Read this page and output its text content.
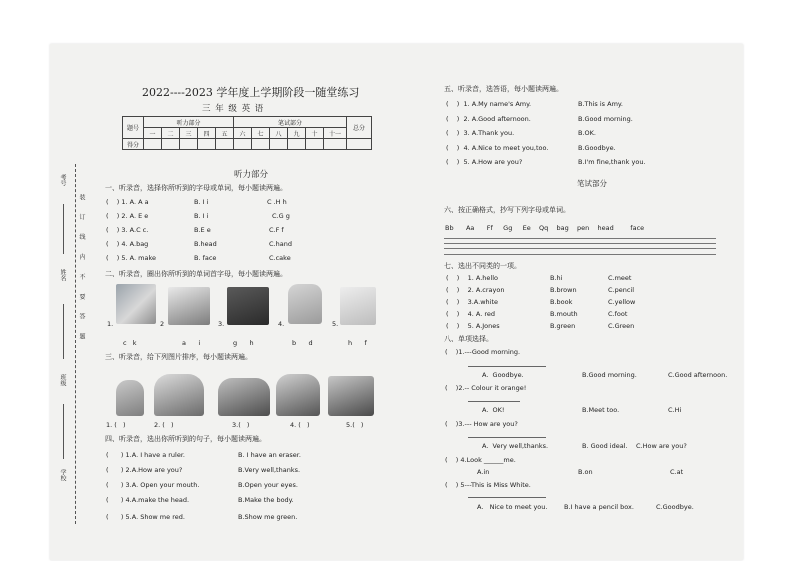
考号
姓名
班级
学校
装 订 线 内 不 要 答 题
2022----2023 学年度上学期阶段一随堂练习
三 年 级 英 语
题号	听力部分					笔试部分						总分
	一	二	三	四	五	六	七	八	九	十	十一	
得分												
听力部分
一、听录音，选择你所听到的字母或单词，每小题读两遍。
(    ) 1. A. A a	B. I i	C .H h
(    ) 2. A. E e	B. I i	C.G g
(    ) 3. A.C c.	B.E e	C.F f
(    ) 4. A.bag	B.head	C.hand
(    ) 5. A. make	B. face	C.cake
二、听录音，圈出你所听到的单词首字母，每小题读两遍。
1.	2	3.	4.	5.
c   k	a      i	g      h	b      d	h      f
三、听录音，给下列图片排序，每小题读两遍。
1. (   )	2. (   )	3.(   )	4. (   )	5.(   )
四、听录音，选出你所听到的句子，每小题读两遍。
(      ) 1.A. I have a ruler.	B. I have an eraser.
(      ) 2.A.How are you?	B.Very well,thanks.
(      ) 3.A. Open your mouth.	B.Open your eyes.
(      ) 4.A.make the head.	B.Make the body.
(      ) 5.A. Show me red.	B.Show me green.
五、听录音，选答语，每小题读两遍。
(    )  1. A.My name's Amy.	B.This is Amy.
(    )  2. A.Good afternoon.	B.Good morning.
(    )  3. A.Thank you.	B.OK.
(    )  4. A.Nice to meet you,too.	B.Goodbye.
(    )  5. A.How are you?	B.I'm fine,thank you.
笔试部分
六、按正确格式，抄写下列字母或单词。
Bb      Aa      Ff     Gg     Ee    Qq    bag    pen    head        face
七、选出不同类的一项。
(    )    1. A.hello	B.hi	C.meet
(    )    2. A.crayon	B.brown	C.pencil
(    )    3.A.white	B.book	C.yellow
(    )    4. A. red	B.mouth	C.foot
(    )    5. A.Jones	B.green	C.Green
八、单项选择。
(    )1.---Good morning.
A.  Goodbye.	B.Good morning.	C.Good afternoon.
(    )2.-- Colour it orange!
A.  OK!	B.Meet too.	C.Hi
(    )3.--- How are you?
A.  Very well,thanks.	B. Good ideal. C.How are you?
(    ) 4.Look ______me.
A.in	B.on	C.at
(    ) 5---This is Miss White.
A.   Nice to meet you.	B.I have a pencil box.	C.Goodbye.
